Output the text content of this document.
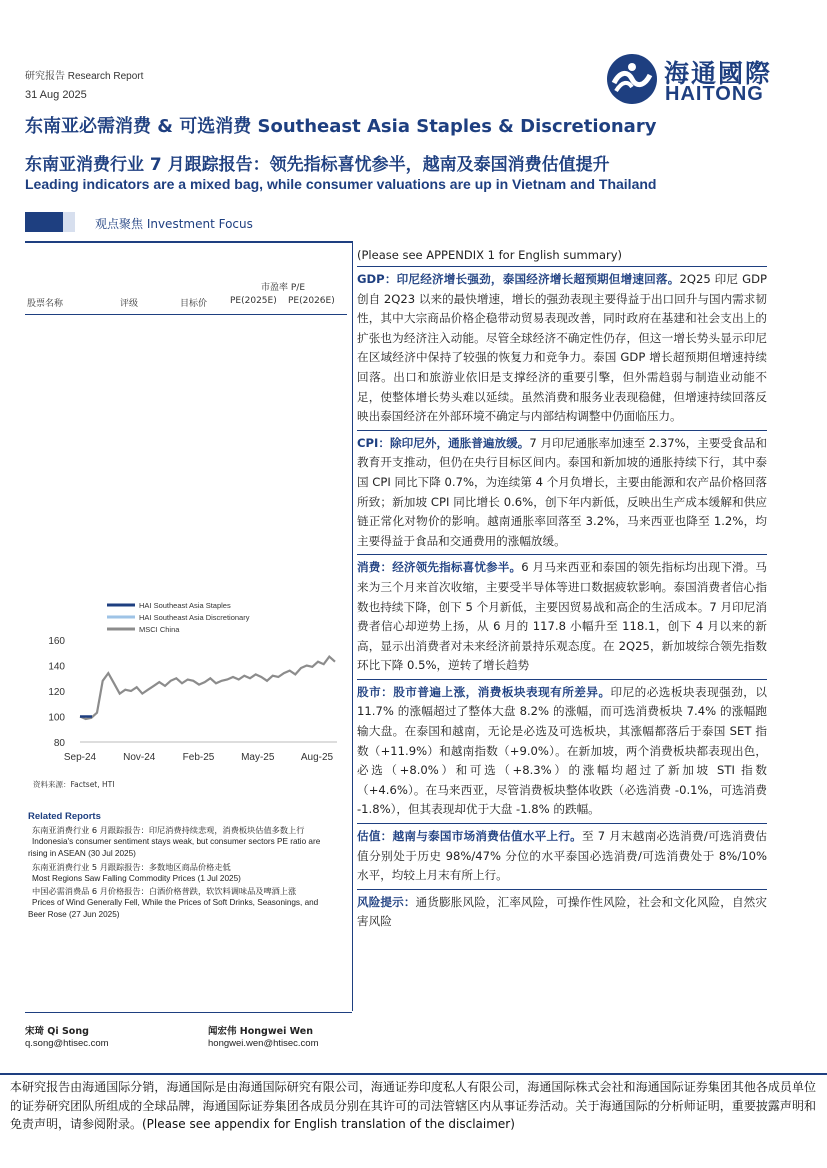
研究报告 Research Report
31 Aug 2025
海通國際
HAITONG
东南亚必需消费 & 可选消费 Southeast Asia Staples & Discretionary
东南亚消费行业 7 月跟踪报告：领先指标喜忧参半，越南及泰国消费估值提升
Leading indicators are a mixed bag, while consumer valuations are up in Vietnam and Thailand
观点聚焦 Investment Focus
市盈率 P/E
股票名称	评级	目标价	PE(2025E) PE(2026E)
HAI Southeast Asia Staples
HAI Southeast Asia Discretionary
MSCI China
80
100
120
140
160
Sep-24	Nov-24	Feb-25	May-25	Aug-25
资料来源：Factset, HTI
Related Reports
东南亚消费行业 6 月跟踪报告：印尼消费持续悲观，消费板块估值多数上行
Indonesia's consumer sentiment stays weak, but consumer sectors PE ratio are rising in ASEAN (30 Jul 2025)
东南亚消费行业 5 月跟踪报告：多数地区商品价格走低
Most Regions Saw Falling Commodity Prices (1 Jul 2025)
中国必需消费品 6 月价格报告：白酒价格普跌，软饮料调味品及啤酒上涨
Prices of Wind Generally Fell, While the Prices of Soft Drinks, Seasonings, and Beer Rose (27 Jun 2025)
宋琦 Qi Song
q.song@htisec.com
闻宏伟 Hongwei Wen
hongwei.wen@htisec.com
(Please see APPENDIX 1 for English summary)
GDP：印尼经济增长强劲，泰国经济增长超预期但增速回落。2Q25 印尼 GDP 创自 2Q23 以来的最快增速，增长的强劲表现主要得益于出口回升与国内需求韧性，其中大宗商品价格企稳带动贸易表现改善，同时政府在基建和社会支出上的扩张也为经济注入动能。尽管全球经济不确定性仍存，但这一增长势头显示印尼在区域经济中保持了较强的恢复力和竞争力。泰国 GDP 增长超预期但增速持续回落。出口和旅游业依旧是支撑经济的重要引擎，但外需趋弱与制造业动能不足，使整体增长势头难以延续。虽然消费和服务业表现稳健，但增速持续回落反映出泰国经济在外部环境不确定与内部结构调整中仍面临压力。
CPI：除印尼外，通胀普遍放缓。7 月印尼通胀率加速至 2.37%，主要受食品和教育开支推动，但仍在央行目标区间内。泰国和新加坡的通胀持续下行，其中泰国 CPI 同比下降 0.7%，为连续第 4 个月负增长，主要由能源和农产品价格回落所致；新加坡 CPI 同比增长 0.6%，创下年内新低，反映出生产成本缓解和供应链正常化对物价的影响。越南通胀率回落至 3.2%，马来西亚也降至 1.2%，均主要得益于食品和交通费用的涨幅放缓。
消费：经济领先指标喜忧参半。6 月马来西亚和泰国的领先指标均出现下滑。马来为三个月来首次收缩，主要受半导体等进口数据疲软影响。泰国消费者信心指数也持续下降，创下 5 个月新低，主要因贸易战和高企的生活成本。7 月印尼消费者信心却逆势上扬，从 6 月的 117.8 小幅升至 118.1，创下 4 月以来的新高，显示出消费者对未来经济前景持乐观态度。在 2Q25，新加坡综合领先指数环比下降 0.5%，逆转了增长趋势
股市：股市普遍上涨，消费板块表现有所差异。印尼的必选板块表现强劲，以 11.7% 的涨幅超过了整体大盘 8.2% 的涨幅，而可选消费板块 7.4% 的涨幅跑输大盘。在泰国和越南，无论是必选及可选板块，其涨幅都落后于泰国 SET 指数（+11.9%）和越南指数（+9.0%）。在新加坡，两个消费板块都表现出色，必选（+8.0%）和可选（+8.3%）的涨幅均超过了新加坡 STI 指数（+4.6%）。在马来西亚，尽管消费板块整体收跌（必选消费 -0.1%，可选消费 -1.8%），但其表现却优于大盘 -1.8% 的跌幅。
估值：越南与泰国市场消费估值水平上行。至 7 月末越南必选消费/可选消费估值分别处于历史 98%/47% 分位的水平泰国必选消费/可选消费处于 8%/10% 水平，均较上月末有所上行。
风险提示：通货膨胀风险，汇率风险，可操作性风险，社会和文化风险，自然灾害风险
本研究报告由海通国际分销，海通国际是由海通国际研究有限公司，海通证券印度私人有限公司，海通国际株式会社和海通国际证券集团其他各成员单位的证券研究团队所组成的全球品牌，海通国际证券集团各成员分别在其许可的司法管辖区内从事证券活动。关于海通国际的分析师证明，重要披露声明和免责声明，请参阅附录。(Please see appendix for English translation of the disclaimer)
